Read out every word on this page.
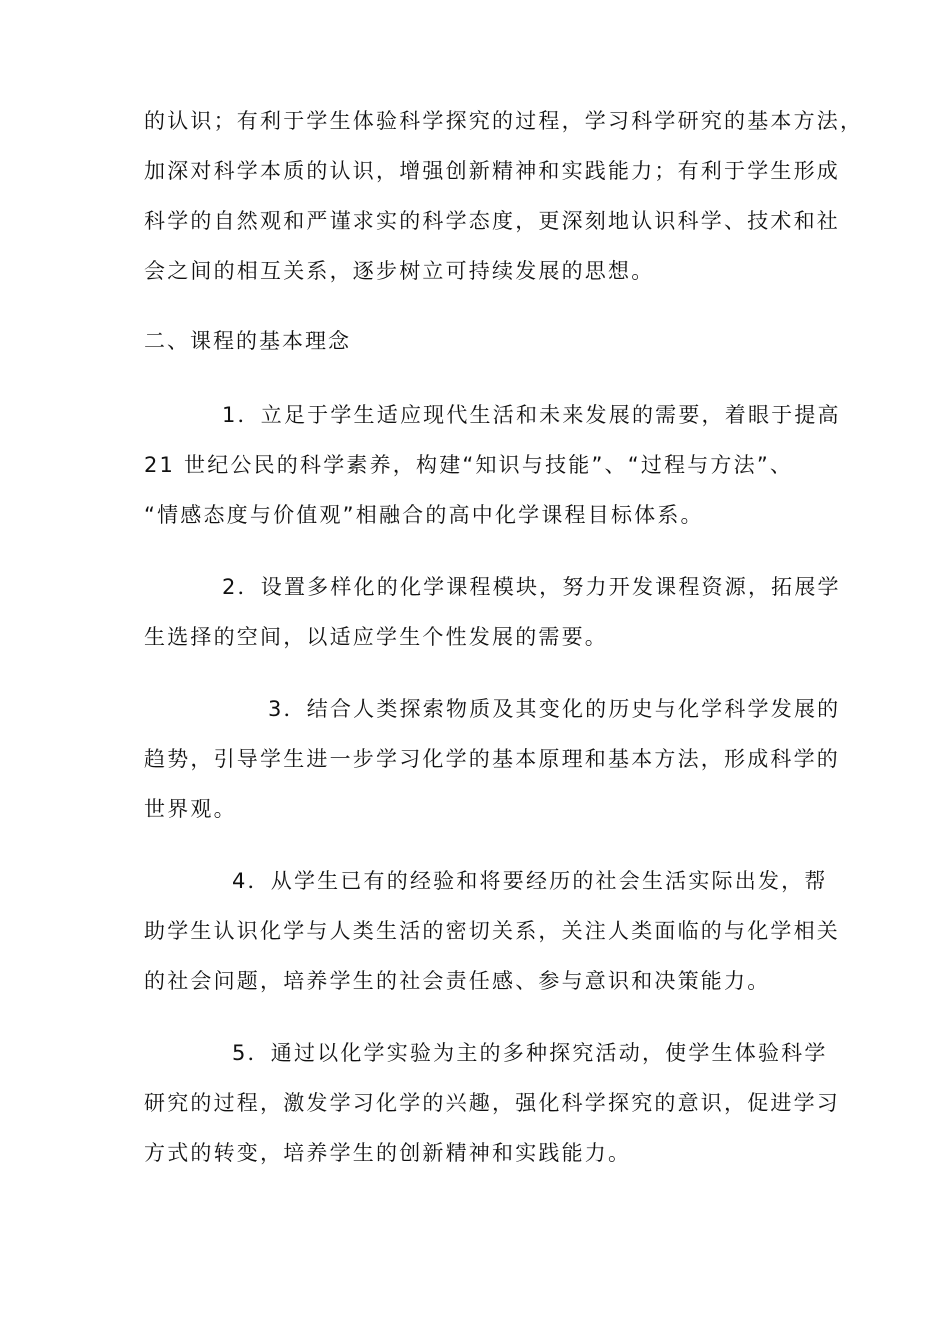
的认识；有利于学生体验科学探究的过程，学习科学研究的基本方法，
加深对科学本质的认识，增强创新精神和实践能力；有利于学生形成
科学的自然观和严谨求实的科学态度，更深刻地认识科学、技术和社
会之间的相互关系，逐步树立可持续发展的思想。
二、课程的基本理念
1．立足于学生适应现代生活和未来发展的需要，着眼于提高
21 世纪公民的科学素养，构建“知识与技能”、“过程与方法”、
“情感态度与价值观”相融合的高中化学课程目标体系。
2．设置多样化的化学课程模块，努力开发课程资源，拓展学
生选择的空间，以适应学生个性发展的需要。
3．结合人类探索物质及其变化的历史与化学科学发展的
趋势，引导学生进一步学习化学的基本原理和基本方法，形成科学的
世界观。
4．从学生已有的经验和将要经历的社会生活实际出发，帮
助学生认识化学与人类生活的密切关系，关注人类面临的与化学相关
的社会问题，培养学生的社会责任感、参与意识和决策能力。
5．通过以化学实验为主的多种探究活动，使学生体验科学
研究的过程，激发学习化学的兴趣，强化科学探究的意识，促进学习
方式的转变，培养学生的创新精神和实践能力。
